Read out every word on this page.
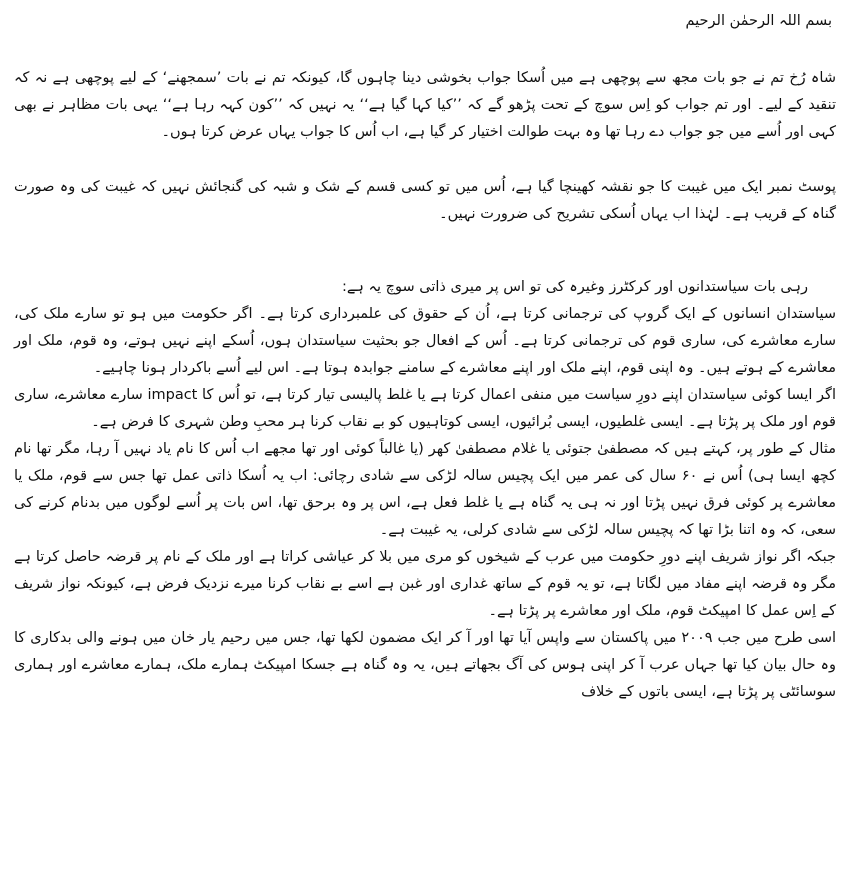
بسم اللہ الرحمٰن الرحیم

شاہ رُخ تم نے جو بات مجھ سے پوچھی ہے میں اُسکا جواب بخوشی دینا چاہوں گا، کیونکہ تم نے بات ’سمجھنے‘ کے لیے پوچھی ہے نہ کہ تنقید کے لیے۔ اور تم جواب کو اِس سوچ کے تحت پڑھو گے کہ ’’کیا کہا گیا ہے‘‘ یہ نہیں کہ ’’کون کہہ رہا ہے‘‘ یہی بات مظاہر نے بھی کہی اور اُسے میں جو جواب دے رہا تھا وہ بہت طوالت اختیار کر گیا ہے، اب اُس کا جواب یہاں عرض کرتا ہوں۔

پوسٹ نمبر ایک میں غیبت کا جو نقشہ کھینچا گیا ہے، اُس میں تو کسی قسم کے شک و شبہ کی گنجائش نہیں کہ غیبت کی وہ صورت گناہ کے قریب ہے۔ لہٰذا اب یہاں اُسکی تشریح کی ضرورت نہیں۔

رہی بات سیاستدانوں اور کرکٹرز وغیرہ کی تو اس پر میری ذاتی سوچ یہ ہے:

سیاستدان انسانوں کے ایک گروپ کی ترجمانی کرتا ہے، اُن کے حقوق کی علمبرداری کرتا ہے۔ اگر حکومت میں ہو تو سارے ملک کی، سارے معاشرے کی، ساری قوم کی ترجمانی کرتا ہے۔ اُس کے افعال جو بحثیت سیاستدان ہوں، اُسکے اپنے نہیں ہوتے، وہ قوم، ملک اور معاشرے کے ہوتے ہیں۔ وہ اپنی قوم، اپنے ملک اور اپنے معاشرے کے سامنے جوابدہ ہوتا ہے۔ اس لیے اُسے باکردار ہونا چاہیے۔

اگر ایسا کوئی سیاستدان اپنے دورِ سیاست میں منفی اعمال کرتا ہے یا غلط پالیسی تیار کرتا ہے، تو اُس کا impact سارے معاشرے، ساری قوم اور ملک پر پڑتا ہے۔ ایسی غلطیوں، ایسی بُرائیوں، ایسی کوتاہیوں کو بے نقاب کرنا ہر محبِ وطن شہری کا فرض ہے۔

مثال کے طور پر، کہتے ہیں کہ مصطفیٰ جتوئی یا غلام مصطفیٰ کھر (یا غالباً کوئی اور تھا مجھے اب اُس کا نام یاد نہیں آ رہا، مگر تھا نام کچھ ایسا ہی) اُس نے ۶۰ سال کی عمر میں ایک پچیس سالہ لڑکی سے شادی رچائی: اب یہ اُسکا ذاتی عمل تھا جس سے قوم، ملک یا معاشرے پر کوئی فرق نہیں پڑتا اور نہ ہی یہ گناہ ہے یا غلط فعل ہے، اس پر وہ برحق تھا، اس بات پر اُسے لوگوں میں بدنام کرنے کی سعی، کہ وہ اتنا بڑا تھا کہ پچیس سالہ لڑکی سے شادی کرلی، یہ غیبت ہے۔

جبکہ اگر نواز شریف اپنے دورِ حکومت میں عرب کے شیخوں کو مری میں بلا کر عیاشی کراتا ہے اور ملک کے نام پر قرضہ حاصل کرتا ہے مگر وہ قرضہ اپنے مفاد میں لگاتا ہے، تو یہ قوم کے ساتھ غداری اور غبن ہے اسے بے نقاب کرنا میرے نزدیک فرض ہے، کیونکہ نواز شریف کے اِس عمل کا امپیکٹ قوم، ملک اور معاشرے پر پڑتا ہے۔

اسی طرح میں جب ۲۰۰۹ میں پاکستان سے واپس آیا تھا اور آ کر ایک مضمون لکھا تھا، جس میں رحیم یار خان میں ہونے والی بدکاری کا وہ حال بیان کیا تھا جہاں عرب آ کر اپنی ہوس کی آگ بجھاتے ہیں، یہ وہ گناہ ہے جسکا امپیکٹ ہمارے ملک، ہمارے معاشرے اور ہماری سوسائٹی پر پڑتا ہے، ایسی باتوں کے خلاف
